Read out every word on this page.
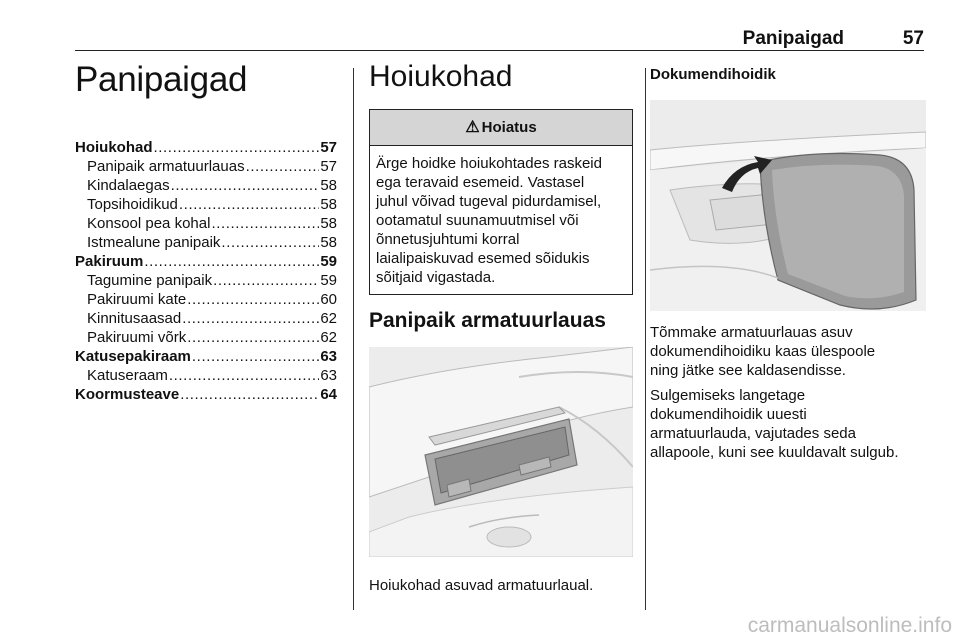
Panipaigad	57
Panipaigad
Hoiukohad .....	57
Panipaik armatuurlauas .....	57
Kindalaegas .....	58
Topsihoidikud .....	58
Konsool pea kohal .....	58
Istmealune panipaik .....	58
Pakiruum .....	59
Tagumine panipaik .....	59
Pakiruumi kate .....	60
Kinnitusaasad .....	62
Pakiruumi võrk .....	62
Katusepakiraam .....	63
Katuseraam .....	63
Koormusteave .....	64
Hoiukohad
⚠ Hoiatus
Ärge hoidke hoiukohtades raskeid
ega teravaid esemeid. Vastasel
juhul võivad tugeval pidurdamisel,
ootamatul suunamuutmisel või
õnnetusjuhtumi korral
laialipaiskuvad esemed sõidukis
sõitjaid vigastada.
Panipaik armatuurlauas
Hoiukohad asuvad armatuurlaual.
Dokumendihoidik
Tõmmake armatuurlauas asuv
dokumendihoidiku kaas ülespoole
ning jätke see kaldasendisse.
Sulgemiseks langetage
dokumendihoidik uuesti
armatuurlauda, vajutades seda
allapoole, kuni see kuuldavalt sulgub.
carmanualsonline.info
